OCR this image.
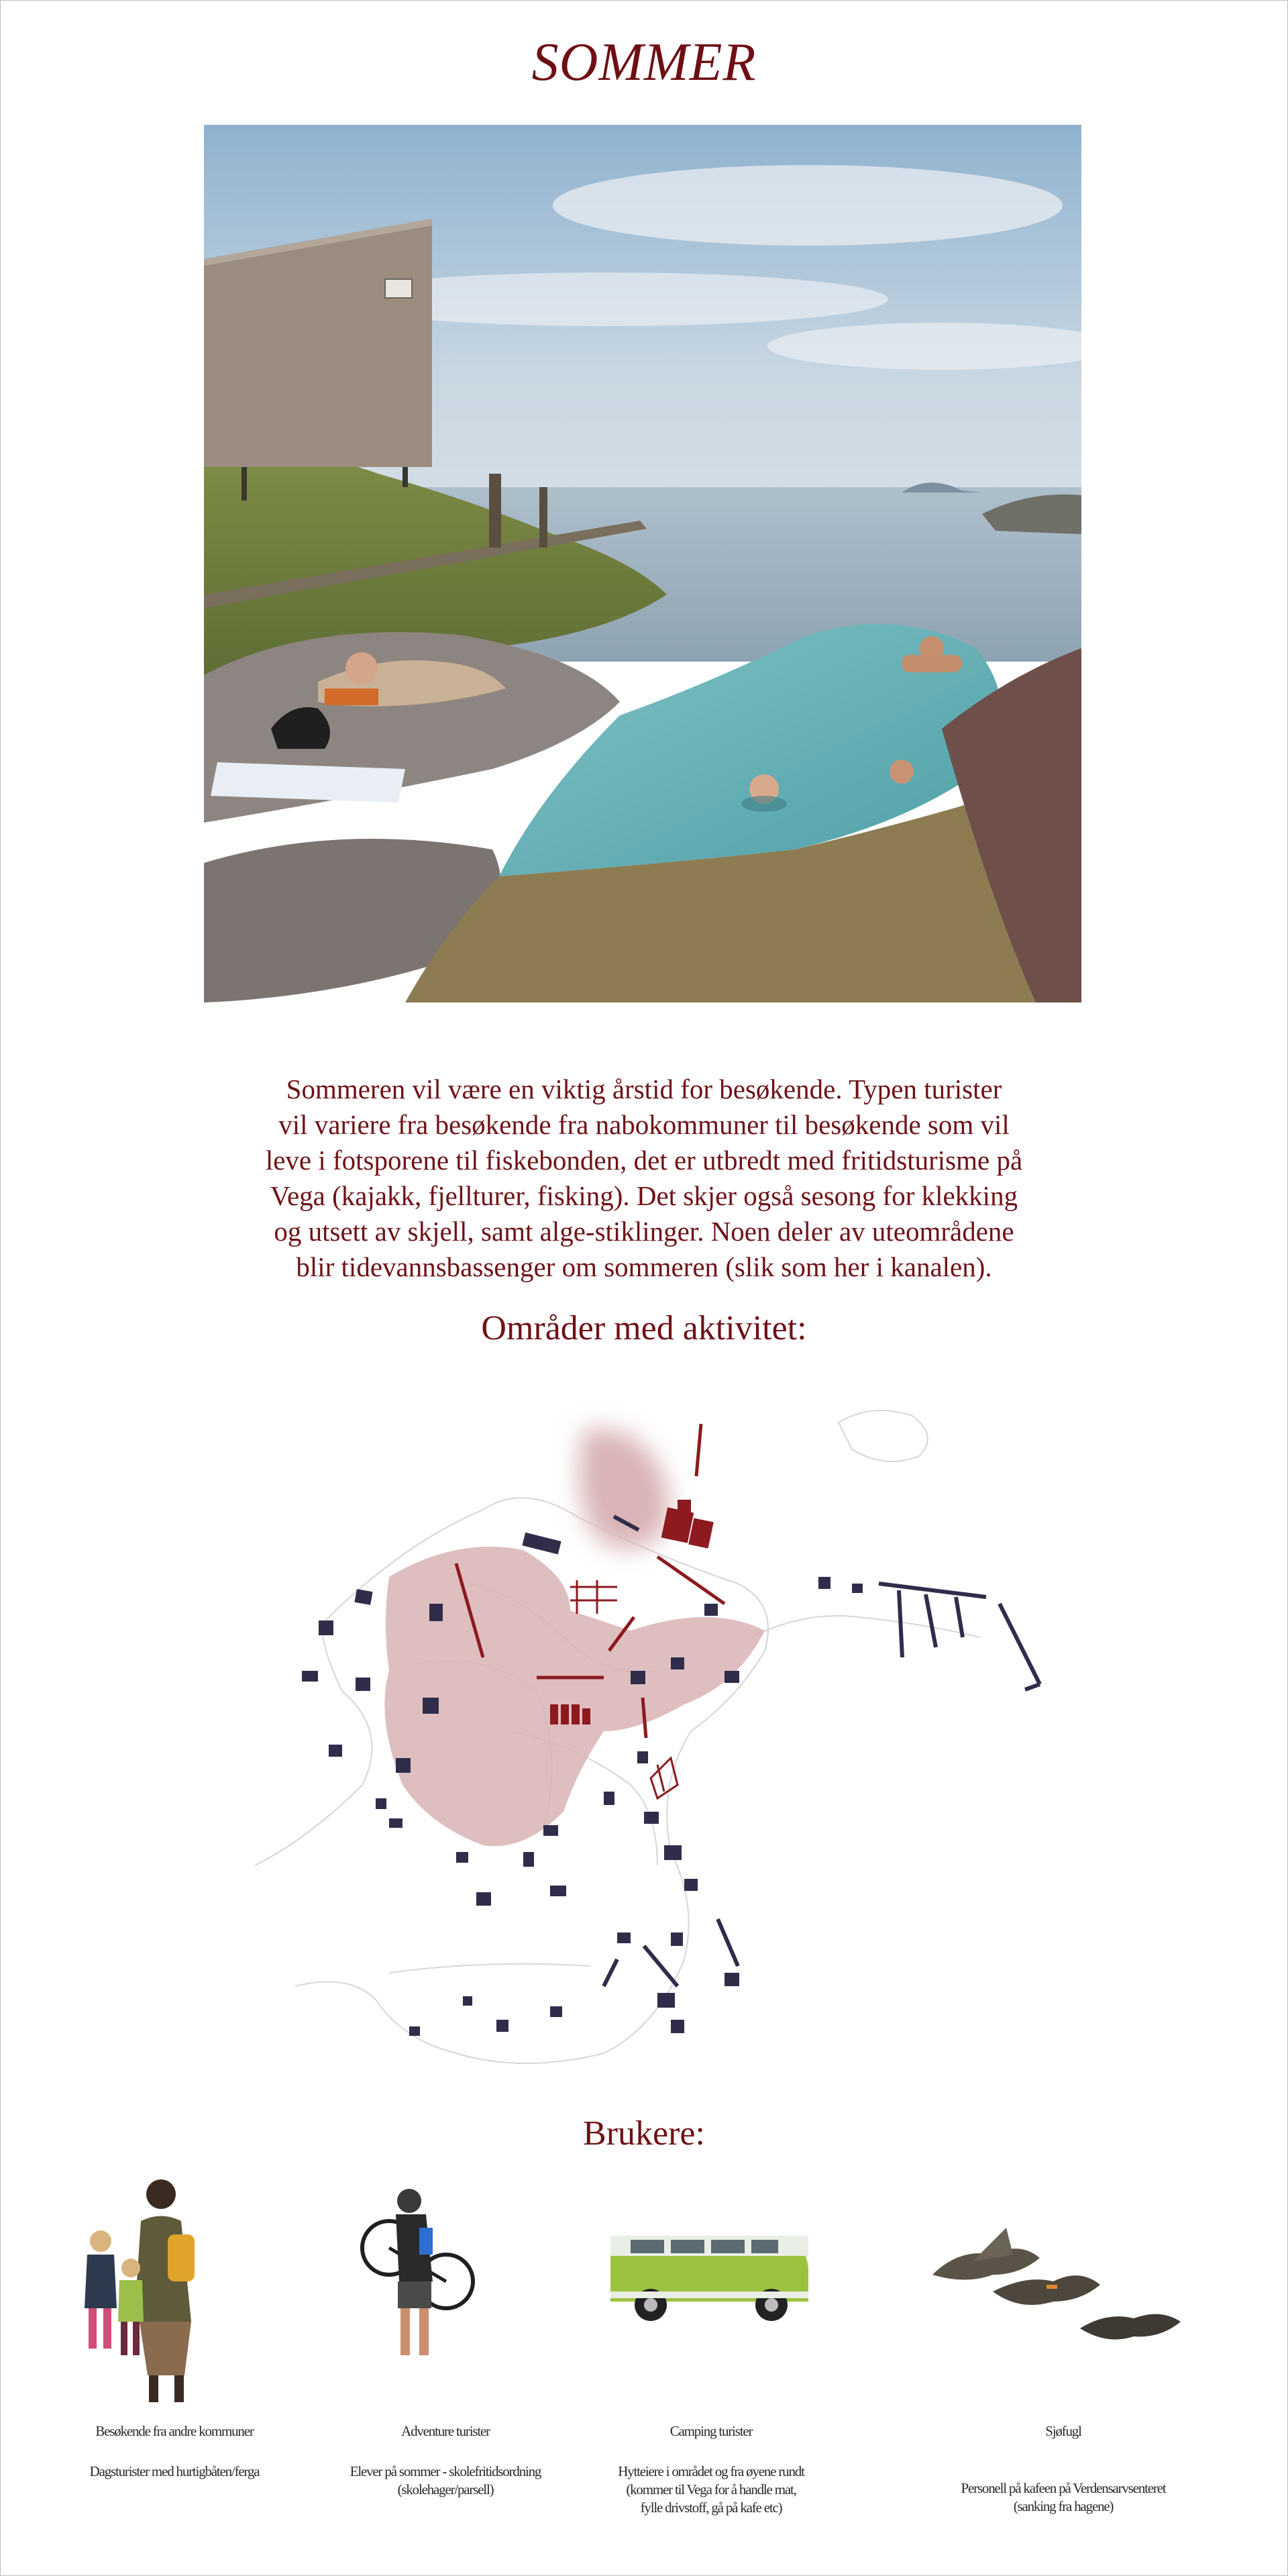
SOMMER

Sommeren vil være en viktig årstid for besøkende. Typen turister

vil variere fra besøkende fra nabokommuner til besøkende som vil

leve i fotsporene til fiskebonden, det er utbredt med fritidsturisme på

Vega (kajakk, fjellturer, fisking). Det skjer også sesong for klekking

og utsett av skjell, samt alge-stiklinger. Noen deler av uteområdene

blir tidevannsbassenger om sommeren (slik som her i kanalen).

Områder med aktivitet:
Brukere:
Besøkende fra andre kommuner
Dagsturister med hurtigbåten/ferga
Adventure turister
Elever på sommer - skolefritidsordning
(skolehager/parsell)
Camping turister
Hytteiere i området og fra øyene rundt
(kommer til Vega for å handle mat,
fylle drivstoff, gå på kafe etc)
Sjøfugl
Personell på kafeen på Verdensarvsenteret
(sanking fra hagene)
